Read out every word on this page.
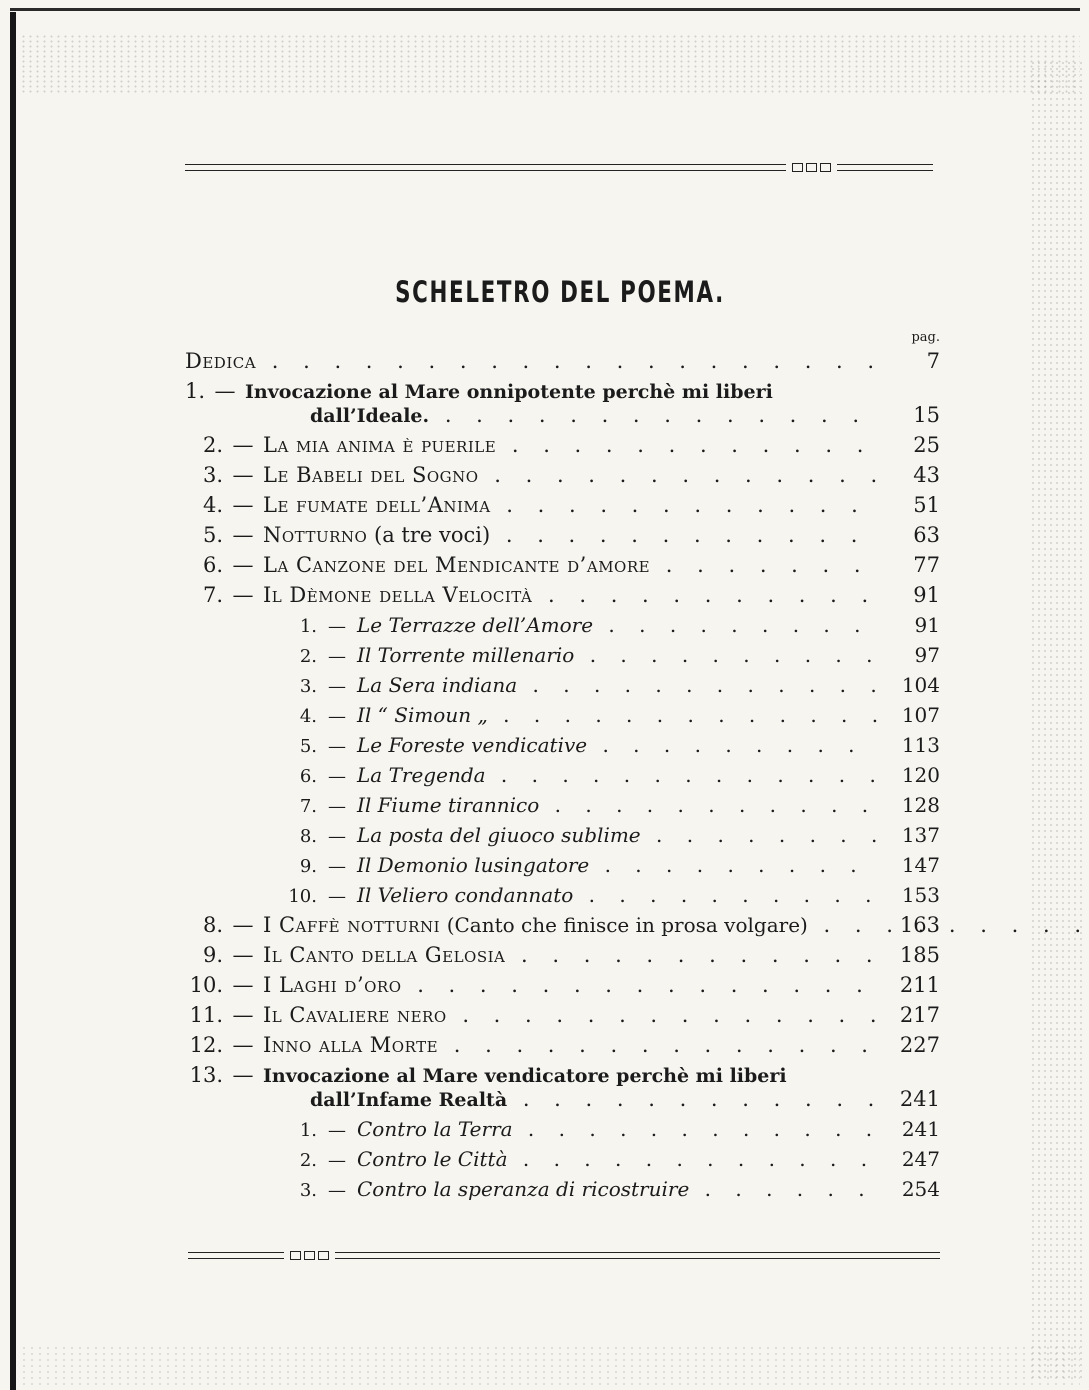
SCHELETRO DEL POEMA.
pag.
Dedica . . .	7
1. — Invocazione al Mare onnipotente perchè mi liberi
dall’Ideale. . . .	15
2. — La mia anima è puerile . . .	25
3. — Le Babeli del Sogno . . .	43
4. — Le fumate dell’Anima . . .	51
5. — Notturno (a tre voci) . . .	63
6. — La Canzone del Mendicante d’amore . . .	77
7. — Il Dèmone della Velocità . . .	91
1. — Le Terrazze dell’Amore . . .	91
2. — Il Torrente millenario . . .	97
3. — La Sera indiana . . .	104
4. — Il “ Simoun „ . . .	107
5. — Le Foreste vendicative . . .	113
6. — La Tregenda . . .	120
7. — Il Fiume tirannico . . .	128
8. — La posta del giuoco sublime . . .	137
9. — Il Demonio lusingatore . . .	147
10. — Il Veliero condannato . . .	153
8. — I Caffè notturni (Canto che finisce in prosa volgare) . . .	163
9. — Il Canto della Gelosia . . .	185
10. — I Laghi d’oro . . .	211
11. — Il Cavaliere nero . . .	217
12. — Inno alla Morte . . .	227
13. — Invocazione al Mare vendicatore perchè mi liberi
dall’Infame Realtà . . .	241
1. — Contro la Terra . . .	241
2. — Contro le Città . . .	247
3. — Contro la speranza di ricostruire . . .	254
